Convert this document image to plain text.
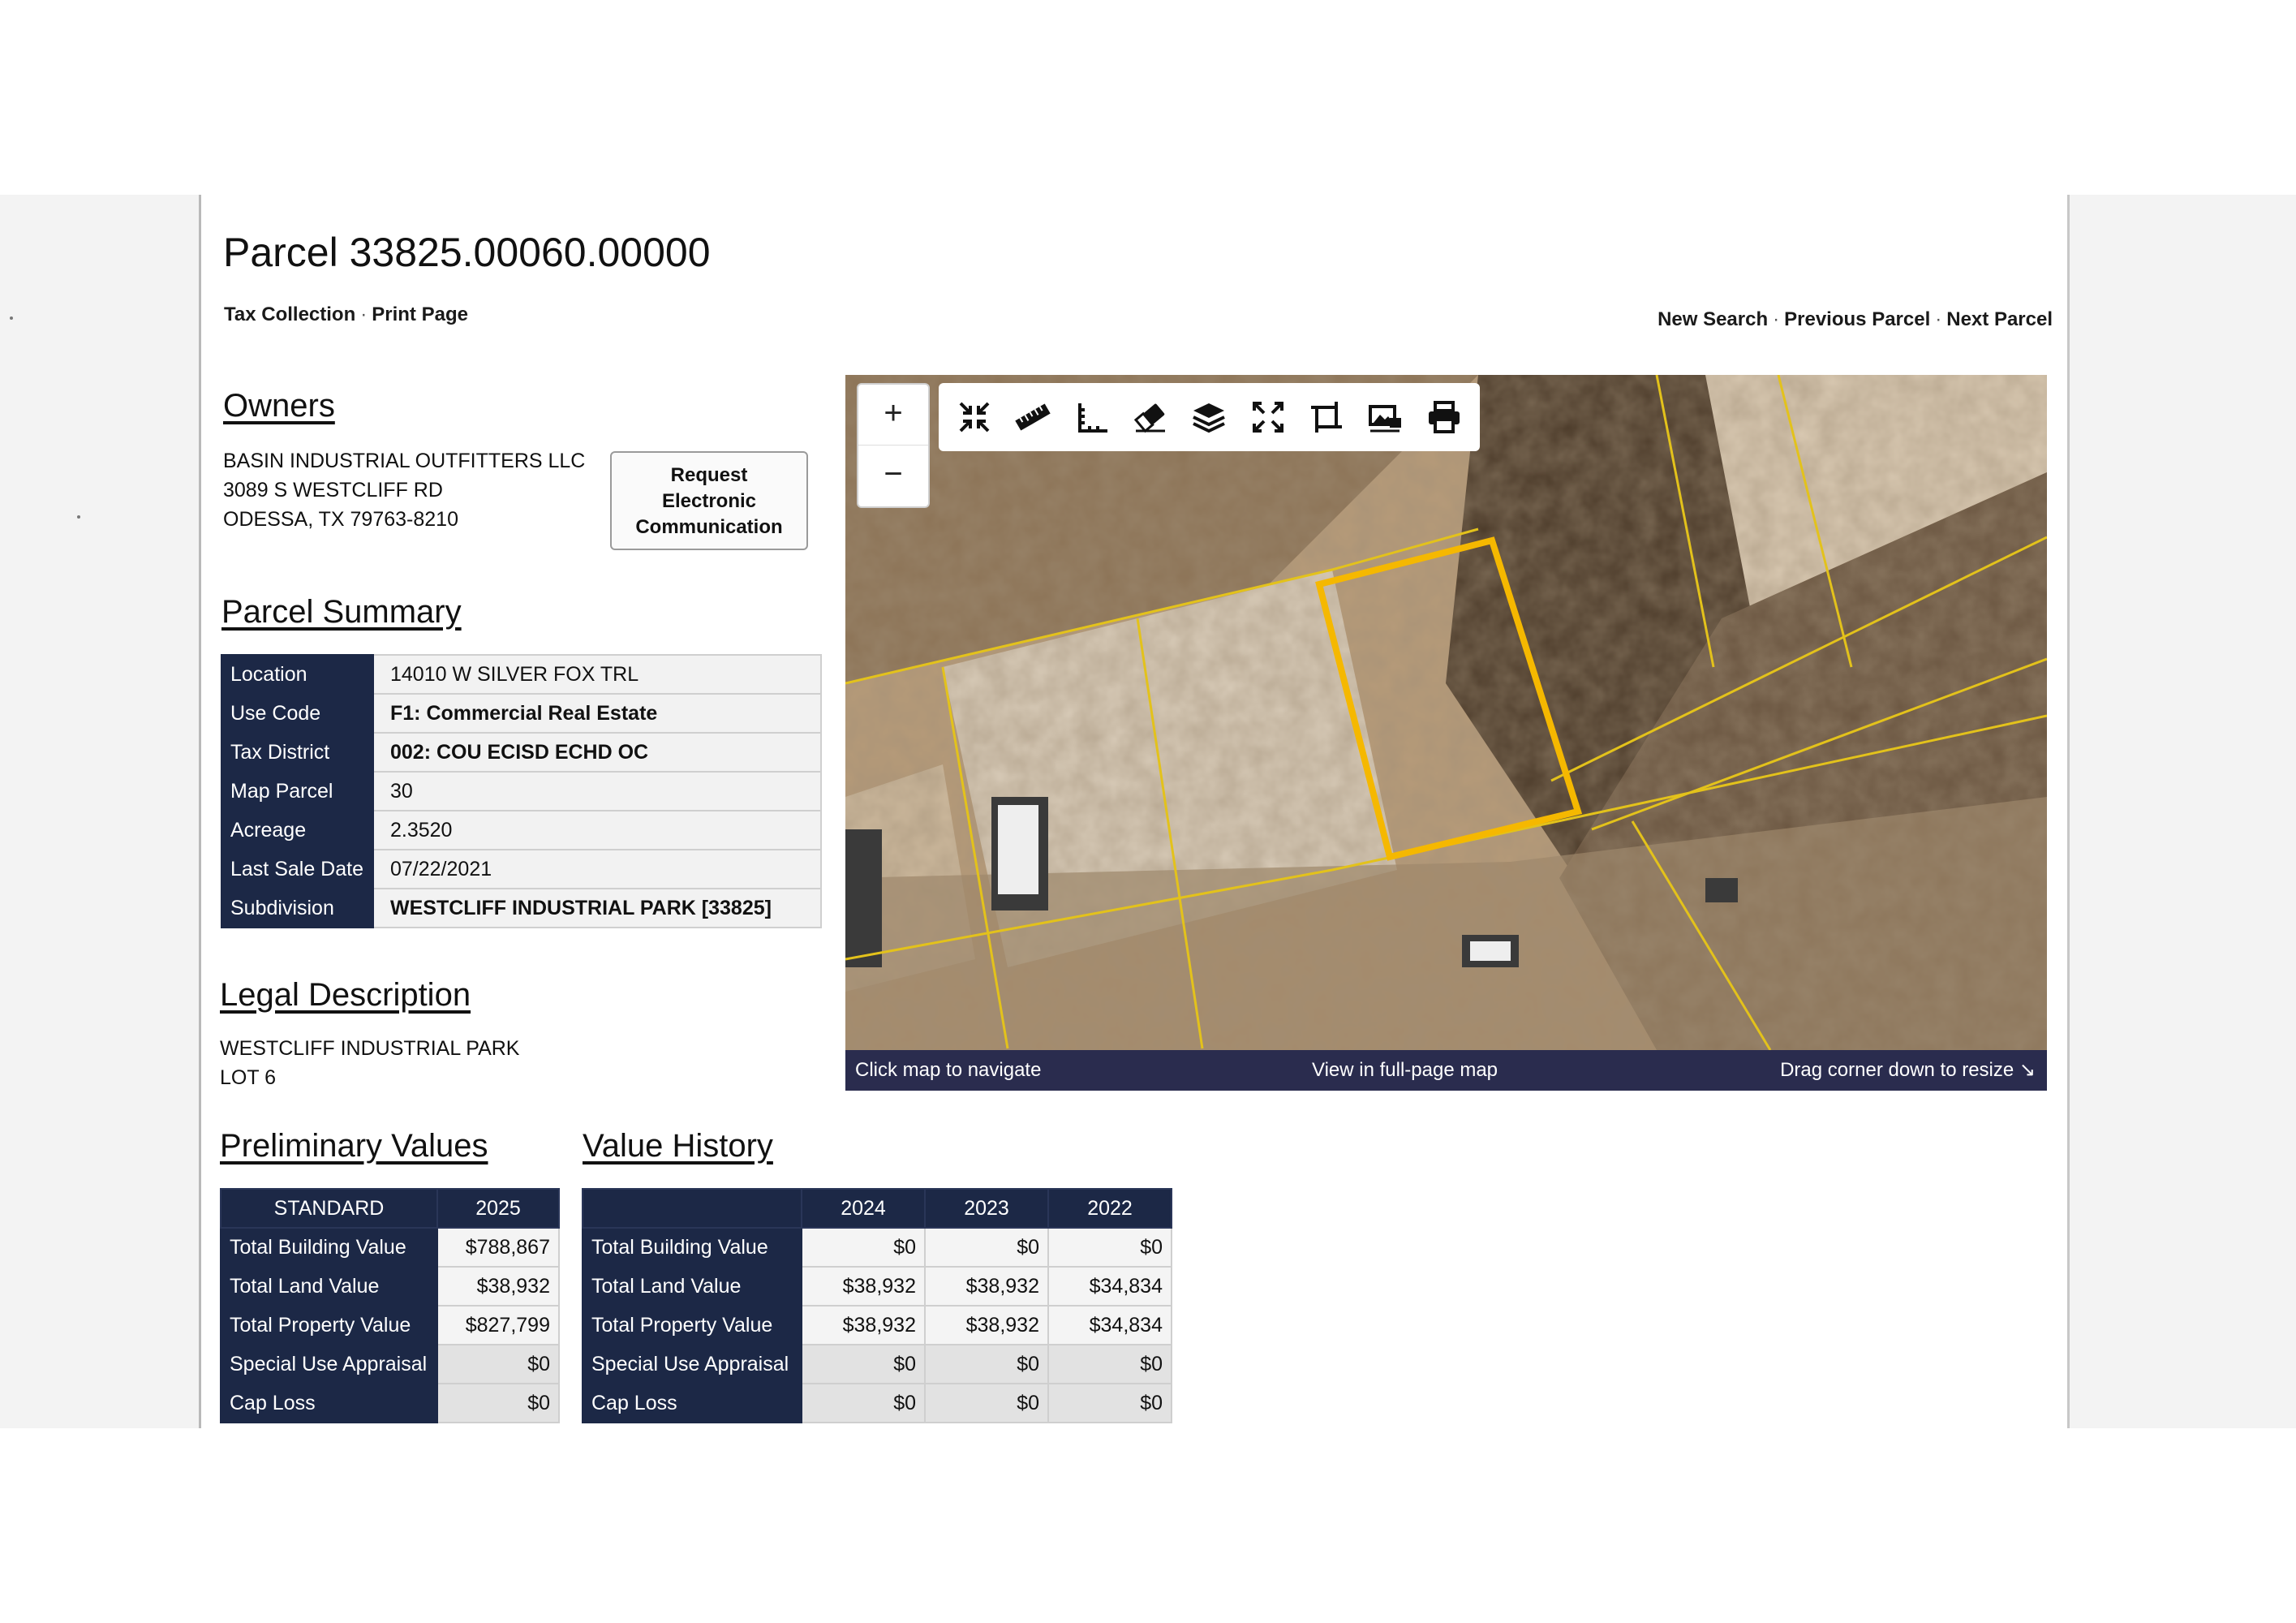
Parcel 33825.00060.00000
Tax Collection · Print Page	New Search · Previous Parcel · Next Parcel
Owners
BASIN INDUSTRIAL OUTFITTERS LLC
3089 S WESTCLIFF RD
ODESSA, TX 79763-8210
Request
Electronic
Communication
Parcel Summary
Location	14010 W SILVER FOX TRL
Use Code	F1: Commercial Real Estate
Tax District	002: COU ECISD ECHD OC
Map Parcel	30
Acreage	2.3520
Last Sale Date	07/22/2021
Subdivision	WESTCLIFF INDUSTRIAL PARK [33825]
Legal Description
WESTCLIFF INDUSTRIAL PARK
LOT 6
Preliminary Values
STANDARD	2025
Total Building Value	$788,867
Total Land Value	$38,932
Total Property Value	$827,799
Special Use Appraisal	$0
Cap Loss	$0
Value History
	2024	2023	2022
Total Building Value	$0	$0	$0
Total Land Value	$38,932	$38,932	$34,834
Total Property Value	$38,932	$38,932	$34,834
Special Use Appraisal	$0	$0	$0
Cap Loss	$0	$0	$0
+
−
Click map to navigate	View in full-page map	Drag corner down to resize ↘
